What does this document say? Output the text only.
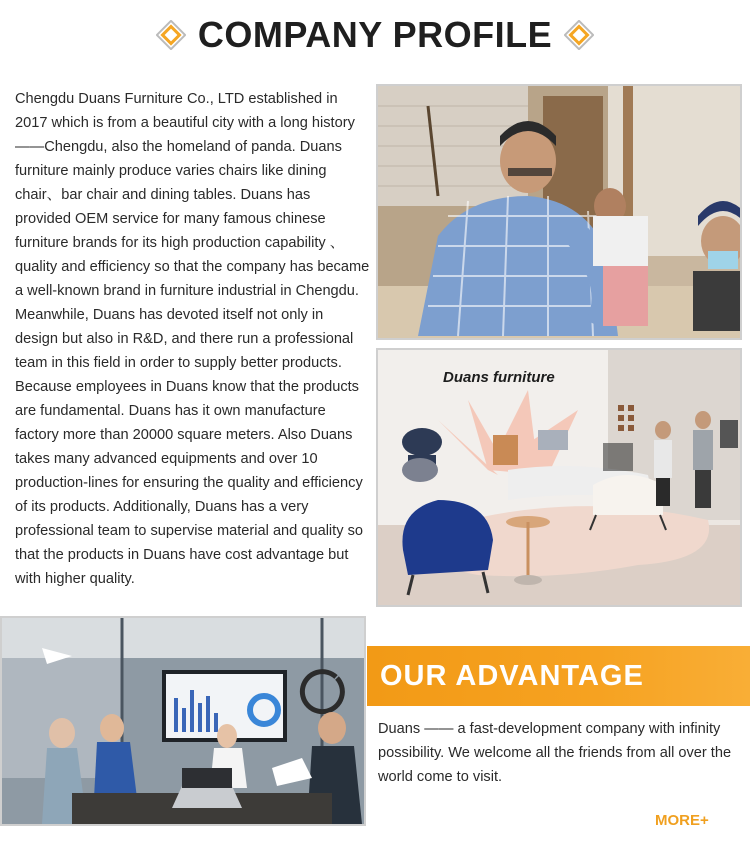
COMPANY PROFILE

Chengdu Duans Furniture Co., LTD established in 2017 which is from a beautiful city with a long history——Chengdu, also the homeland of panda. Duans furniture mainly produce varies chairs like dining chair、bar chair and dining tables. Duans has provided OEM service for many famous chinese furniture brands for its high production capability 、quality and efficiency so that the company has became a well-known brand in furniture industrial in Chengdu. Meanwhile, Duans has devoted itself not only in design but also in R&D, and there run a professional team in this field in order to supply better products. Because employees in Duans know that the products are fundamental. Duans has it own manufacture factory more than 20000 square meters. Also Duans takes many advanced equipments and over 10 production-lines for ensuring the quality and efficiency of its products. Additionally, Duans has a very professional team to supervise material and quality so that the products in Duans have cost advantage but with higher quality.

Duans furniture
OUR ADVANTAGE

Duans —— a fast-development company with infinity possibility. We welcome all the friends from all over the world come to visit.

MORE+
